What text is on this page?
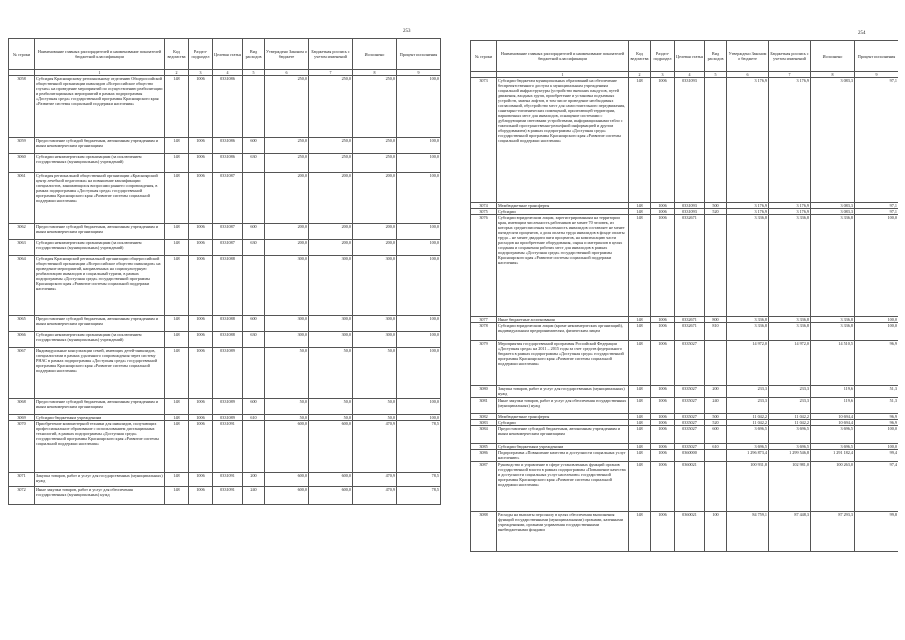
253
№ строки	Наименование главных распорядителей и наименование показателей бюджетной классификации	Код ведомства	Раздел-подраздел	Целевая статья	Вид расходов	Утверждено Законом о бюджете	Бюджетная роспись с учетом изменений	Исполнено	Процент исполнения
	1	2	3	4	5	6	7	8	9
3058	Субсидия Красноярскому региональному отделению Общероссийской общественной организации инвалидов «Всероссийское общество глухих» на проведение мероприятий по осуществлению реабилитации и реабилитационных мероприятий в рамках подпрограммы «Доступная среда» государственной программы Красноярского края «Развитие системы социальной поддержки населения»	148	1006	0331086		250,0	250,0	250,0	100,0
3059	Предоставление субсидий бюджетным, автономным учреждениям и иным некоммерческим организациям	148	1006	0331086	600	250,0	250,0	250,0	100,0
3060	Субсидии некоммерческим организациям (за исключением государственных (муниципальных) учреждений)	148	1006	0331086	630	250,0	250,0	250,0	100,0
3061	Субсидия региональной общественной организации «Красноярский центр лечебной педагогики» на повышение квалификации специалистов, занимающихся вопросами раннего сопровождения, в рамках подпрограммы «Доступная среда» государственной программы Красноярского края «Развитие системы социальной поддержки населения»	148	1006	0331087		200,0	200,0	200,0	100,0
3062	Предоставление субсидий бюджетным, автономным учреждениям и иным некоммерческим организациям	148	1006	0331087	600	200,0	200,0	200,0	100,0
3063	Субсидии некоммерческим организациям (за исключением государственных (муниципальных) учреждений)	148	1006	0331087	630	200,0	200,0	200,0	100,0
3064	Субсидия Красноярской региональной организации общероссийской общественной организации «Всероссийское общество инвалидов» на проведение мероприятий, направленных на социокультурную реабилитацию инвалидов и социальный туризм, в рамках подпрограммы «Доступная среда» государственной программы Красноярского края «Развитие системы социальной поддержки населения»	148	1006	0331088		300,0	300,0	300,0	100,0
3065	Предоставление субсидий бюджетным, автономным учреждениям и иным некоммерческим организациям	148	1006	0331088	600	300,0	300,0	300,0	100,0
3066	Субсидии некоммерческим организациям (за исключением государственных (муниципальных) учреждений)	148	1006	0331088	630	300,0	300,0	300,0	100,0
3067	Индивидуальные консультации семей, имеющих детей-инвалидов, специалистами в рамках удаленного сопровождения через систему РНАС в рамках подпрограммы «Доступная среда» государственной программы Красноярского края «Развитие системы социальной поддержки населения»	148	1006	0331089		50,0	50,0	50,0	100,0
3068	Предоставление субсидий бюджетным, автономным учреждениям и иным некоммерческим организациям	148	1006	0331089	600	50,0	50,0	50,0	100,0
3069	Субсидии бюджетным учреждениям	148	1006	0331089	610	50,0	50,0	50,0	100,0
3070	Приобретение компьютерной техники для инвалидов, получающих профессиональное образование с использованием дистанционных технологий, в рамках подпрограммы «Доступная среда» государственной программы Красноярского края «Развитие системы социальной поддержки населения»	148	1006	0331091		600,0	600,0	470,9	78,5
3071	Закупка товаров, работ и услуг для государственных (муниципальных) нужд	148	1006	0331091	200	600,0	600,0	470,9	78,5
3072	Иные закупки товаров, работ и услуг для обеспечения государственных (муниципальных) нужд	148	1006	0331091	240	600,0	600,0	470,9	78,5
254
№ строки	Наименование главных распорядителей и наименование показателей бюджетной классификации	Код ведомства	Раздел-подраздел	Целевая статья	Вид расходов	Утверждено Законом о бюджете	Бюджетная роспись с учетом изменений	Исполнено	Процент исполнения
	1	2	3	4	5	6	7	8	9
3073	Субсидии бюджетам муниципальных образований на обеспечение беспрепятственного доступа к муниципальным учреждениям социальной инфраструктуры (устройство внешних пандусов, путей движения, входных групп, приобретение и установка подъемных устройств, замена лифтов, в том числе проведение необходимых согласований, обустройство мест для самостоятельного передвижения, санитарно-гигиенических помещений, прилегающей территории, парковочных мест для инвалидов, оснащение системами с дублирующими световыми устройствами, информационными табло с тактильной пространственно-рельефной информацией и другим оборудованием) в рамках подпрограммы «Доступная среда» государственной программы Красноярского края «Развитие системы социальной поддержки населения»	148	1006	0331093		3 176,9	3 176,9	3 083,3	97,1
3074	Межбюджетные трансферты	148	1006	0331093	500	3 176,9	3 176,9	3 083,3	97,1
3075	Субсидии	148	1006	0331093	520	3 176,9	3 176,9	3 083,3	97,1
3076	Субсидии юридическим лицам, зарегистрированным на территории края, имеющим численность работников не менее 70 человек, из которых среднесписочная численность инвалидов составляет не менее пятидесяти процентов, а доля оплаты труда инвалидов в фонде оплаты труда – не менее двадцати пяти процентов, на компенсацию части расходов на приобретение оборудования, сырья и материалов в целях создания и сохранения рабочих мест для инвалидов в рамках подпрограммы «Доступная среда» государственной программы Красноярского края «Развитие системы социальной поддержки населения»	148	1006	0332671		3 336,8	3 336,8	3 336,8	100,0
3077	Иные бюджетные ассигнования	148	1006	0332671	800	3 336,8	3 336,8	3 336,8	100,0
3078	Субсидии юридическим лицам (кроме некоммерческих организаций), индивидуальным предпринимателям, физическим лицам	148	1006	0332671	810	3 336,8	3 336,8	3 336,8	100,0
3079	Мероприятия государственной программы Российской Федерации «Доступная среда» на 2011 – 2015 годы за счет средств федерального бюджета в рамках подпрограммы «Доступная среда» государственной программы Красноярского края «Развитие системы социальной поддержки населения»	148	1006	0335027		14 972,0	14 972,0	14 510,5	96,9
3080	Закупка товаров, работ и услуг для государственных (муниципальных) нужд	148	1006	0335027	200	233,3	233,3	119,6	51,3
3081	Иные закупки товаров, работ и услуг для обеспечения государственных (муниципальных) нужд	148	1006	0335027	240	233,3	233,3	119,6	51,3
3082	Межбюджетные трансферты	148	1006	0335027	500	11 042,2	11 042,2	10 694,4	96,9
3083	Субсидии	148	1006	0335027	520	11 042,2	11 042,2	10 694,4	96,9
3084	Предоставление субсидий бюджетным, автономным учреждениям и иным некоммерческим организациям	148	1006	0335027	600	3 696,5	3 696,5	3 696,5	100,0
3085	Субсидии бюджетным учреждениям	148	1006	0335027	610	3 696,5	3 696,5	3 696,5	100,0
3086	Подпрограмма «Повышение качества и доступности социальных услуг населению»	148	1006	0360000		1 296 873,4	1 299 546,8	1 291 182,4	99,4
3087	Руководство и управление в сфере установленных функций органов государственной власти в рамках подпрограммы «Повышение качества и доступности социальных услуг населению» государственной программы Красноярского края «Развитие системы социальной поддержки населения»	148	1006	0360021		100 931,8	102 981,0	100 263,0	97,4
3088	Расходы на выплаты персоналу в целях обеспечения выполнения функций государственными (муниципальными) органами, казенными учреждениями, органами управления государственными внебюджетными фондами	148	1006	0360021	100	84 759,1	87 448,3	87 293,3	99,8
